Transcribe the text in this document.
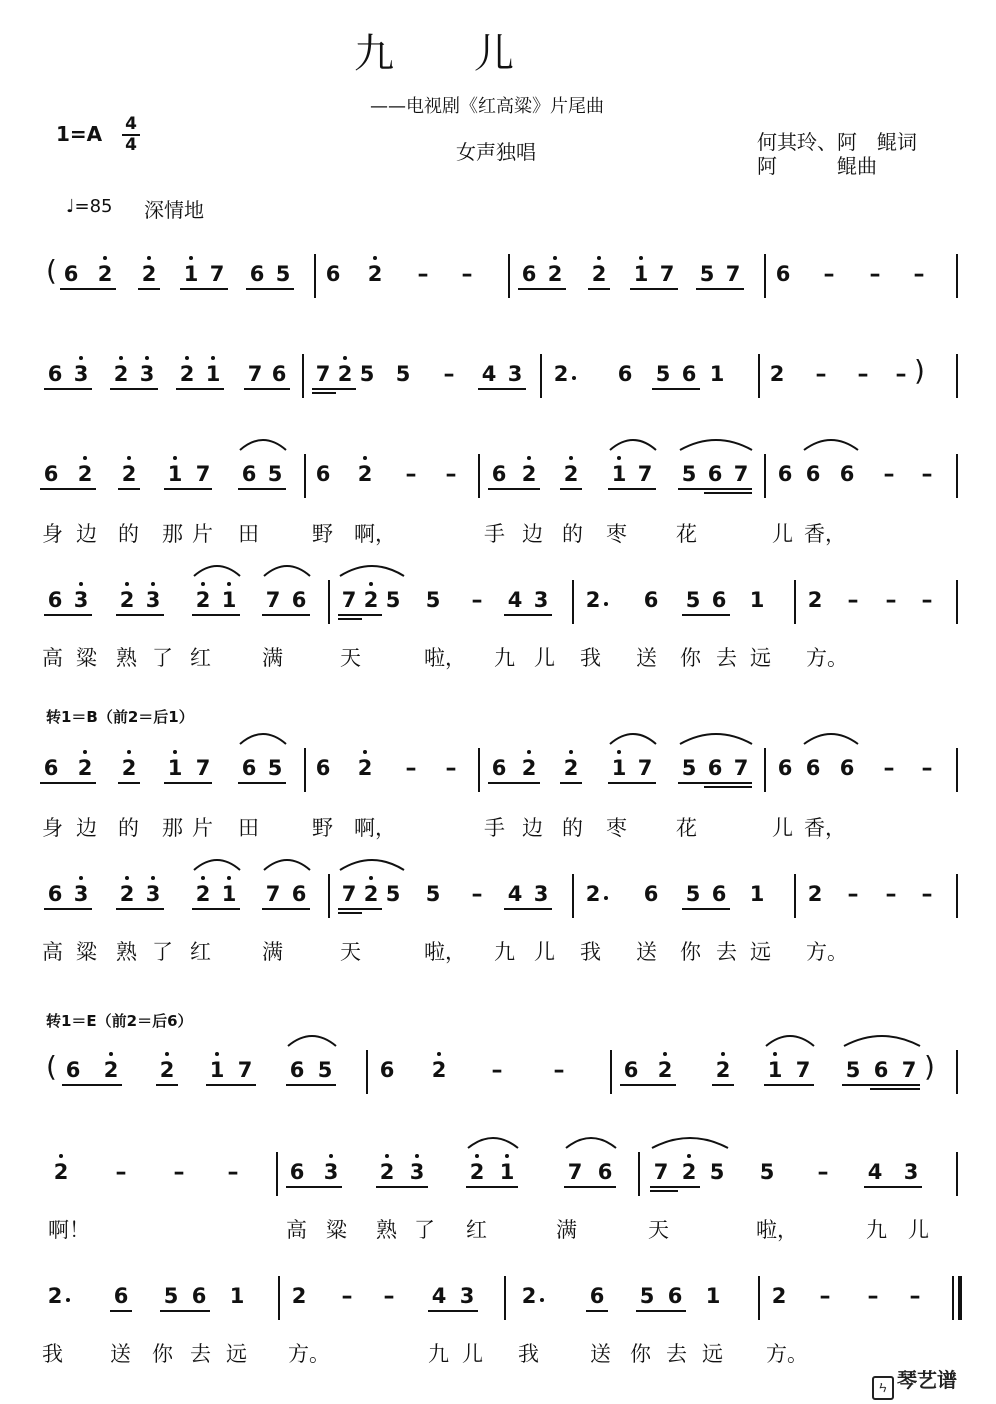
九　　儿
——电视剧《红高粱》片尾曲
1=A 4
4	女声独唱	何其玲、阿　鲲词
阿　　　鲲曲
♩=85 深情地
转1＝B（前2＝后1）
转1＝E（前2＝后6）
( 6 2 2 1 7 6 5 6 2 – – 6 2 2 1 7 5 7 6 – – –
6 3 2 3 2 1 7 6 7 2 5 5 – 4 3 2 6 5 6 1 2 – – – )
6 2 2 1 7 6 5 6 2 – – 6 2 2 1 7 5 6 7 6 6 6 – –
6 3 2 3 2 1 7 6 7 2 5 5 – 4 3 2 6 5 6 1 2 – – –
6 2 2 1 7 6 5 6 2 – – 6 2 2 1 7 5 6 7 6 6 6 – –
6 3 2 3 2 1 7 6 7 2 5 5 – 4 3 2 6 5 6 1 2 – – –
( 6 2 2 1 7 6 5 6 2 – –	6 2 2 1 7 5 6 7 )
2 – – – 6 3 2 3 2 1	7 6 7 2 5 5 – 4 3
2 6 5 6 1 2 – – 4 3 2	6 5 6 1 2 – – –
身 边 的 那 片 田	野 啊，	手 边 的 枣 花	儿 香，
高 粱 熟 了 红 满	天	啦， 九 儿 我 送 你 去 远 方。
身 边 的 那 片 田	野 啊，	手 边 的 枣 花	儿 香，
高 粱 熟 了 红 满	天	啦， 九 儿 我 送 你 去 远 方。
啊！	高 粱 熟 了 红	满	天	啦，	九 儿
我 送 你 去 远 方。	九 儿 我 送 你 去 远 方。
ㄣ 琴艺谱
